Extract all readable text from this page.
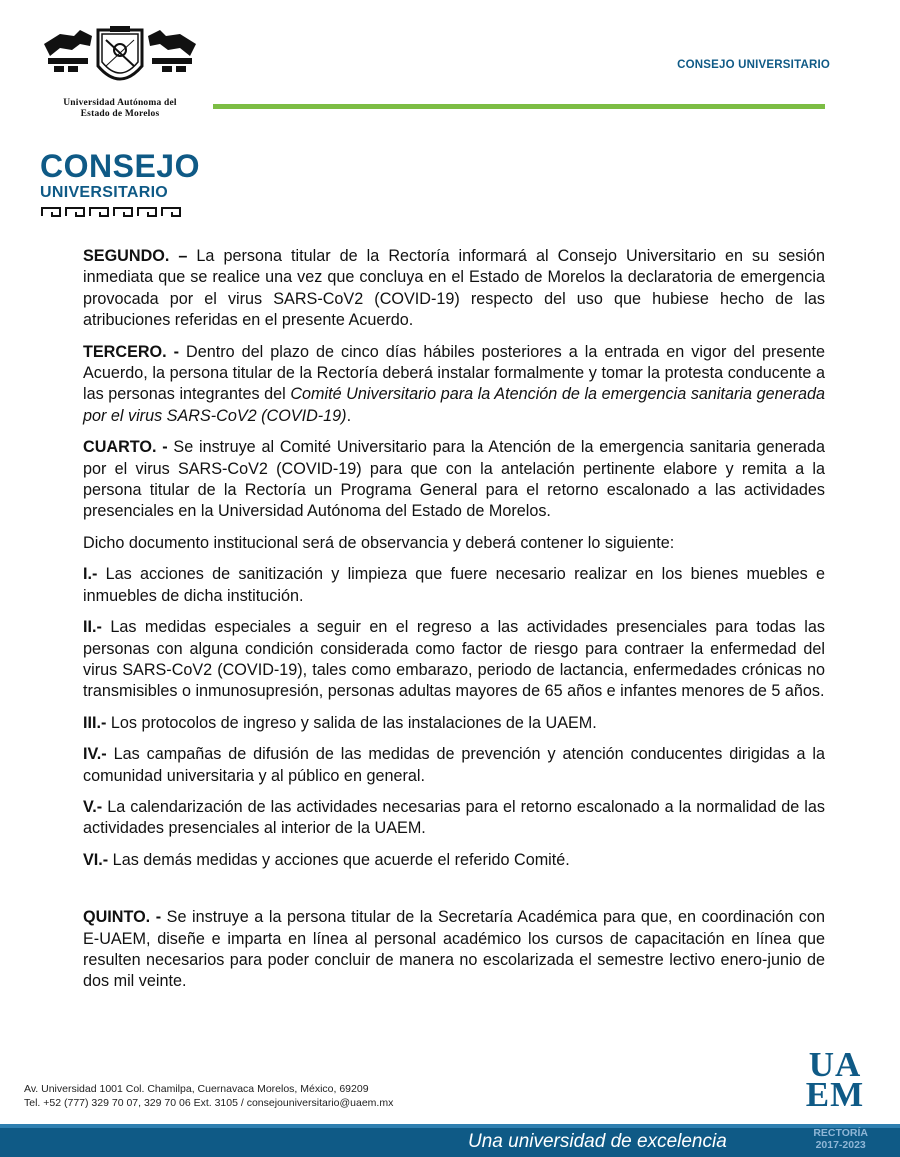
Universidad Autónoma del
Estado de Morelos
CONSEJO UNIVERSITARIO
CONSEJO
UNIVERSITARIO

SEGUNDO. – La persona titular de la Rectoría informará al Consejo Universitario en su sesión inmediata que se realice una vez que concluya en el Estado de Morelos la declaratoria de emergencia provocada por el virus SARS-CoV2 (COVID-19) respecto del uso que hubiese hecho de las atribuciones referidas en el presente Acuerdo.

TERCERO. - Dentro del plazo de cinco días hábiles posteriores a la entrada en vigor del presente Acuerdo, la persona titular de la Rectoría deberá instalar formalmente y tomar la protesta conducente a las personas integrantes del Comité Universitario para la Atención de la emergencia sanitaria generada por el virus SARS-CoV2 (COVID-19).

CUARTO. - Se instruye al Comité Universitario para la Atención de la emergencia sanitaria generada por el virus SARS-CoV2 (COVID-19) para que con la antelación pertinente elabore y remita a la persona titular de la Rectoría un Programa General para el retorno escalonado a las actividades presenciales en la Universidad Autónoma del Estado de Morelos.

Dicho documento institucional será de observancia y deberá contener lo siguiente:

I.- Las acciones de sanitización y limpieza que fuere necesario realizar en los bienes muebles e inmuebles de dicha institución.

II.- Las medidas especiales a seguir en el regreso a las actividades presenciales para todas las personas con alguna condición considerada como factor de riesgo para contraer la enfermedad del virus SARS-CoV2 (COVID-19), tales como embarazo, periodo de lactancia, enfermedades crónicas no transmisibles o inmunosupresión, personas adultas mayores de 65 años e infantes menores de 5 años.

III.- Los protocolos de ingreso y salida de las instalaciones de la UAEM.

IV.- Las campañas de difusión de las medidas de prevención y atención conducentes dirigidas a la comunidad universitaria y al público en general.

V.- La calendarización de las actividades necesarias para el retorno escalonado a la normalidad de las actividades presenciales al interior de la UAEM.

VI.- Las demás medidas y acciones que acuerde el referido Comité.

QUINTO. - Se instruye a la persona titular de la Secretaría Académica para que, en coordinación con E-UAEM, diseñe e imparta en línea al personal académico los cursos de capacitación en línea que resulten necesarios para poder concluir de manera no escolarizada el semestre lectivo enero-junio de dos mil veinte.

Av. Universidad 1001 Col. Chamilpa, Cuernavaca Morelos, México, 69209
Tel. +52 (777) 329 70 07, 329 70 06 Ext. 3105 / consejouniversitario@uaem.mx
UA
EM
Una universidad de excelencia	RECTORÍA
2017-2023
